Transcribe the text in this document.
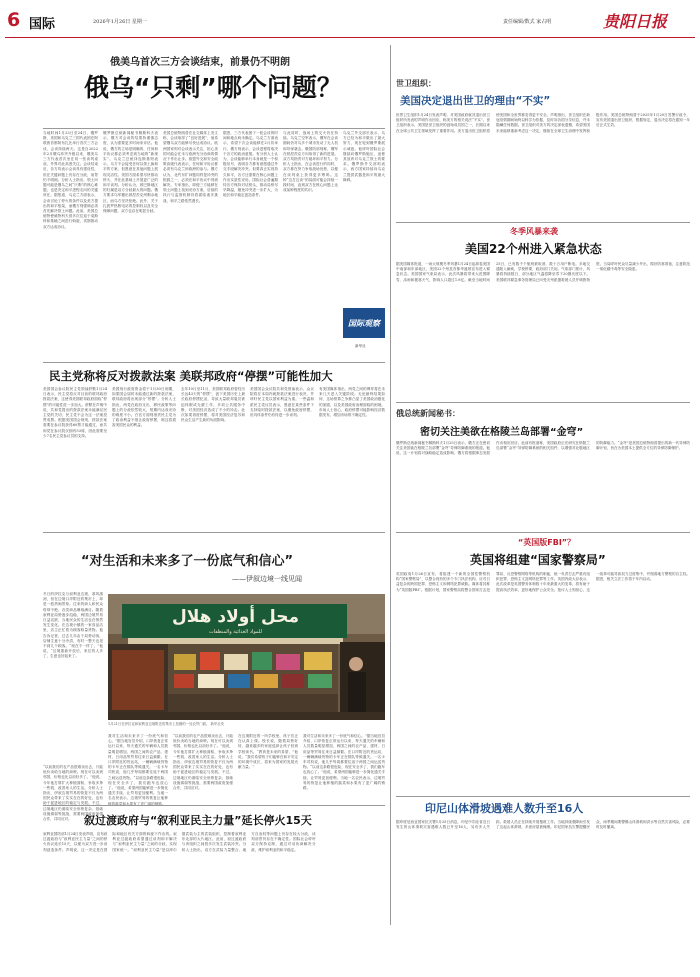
6 国际	2026年1月26日 星期一	责任编辑/数式 家占明	贵阳日报
俄美乌首次三方会谈结束，前景仍不明朗
俄乌“只剩”哪个问题？
当地时间1月23日至24日，俄罗斯、美国和乌克兰三国代表团在阿联酋首都阿布扎比举行首次三方会谈，会谈持续两天。这是自2022年2月俄乌冲突升级以来，俄美乌三方代表首次坐在同一张谈判桌前，外界对此高度关注。会谈结束后，各方均表示会谈具有建设性，但在关键问题上仍存在分歧，前景仍不明朗。分析人士指出，领土问题可能是俄乌之间“只剩”的核心难题，也是决定和平进程走向的关键所在。据报道，乌克兰方面表示，会谈讨论了停火的条件以及美方提出的和平框架，而俄方则强调必须首先解决领土问题。此前，美国总统特使威特科夫曾多次往返于莫斯科和基辅之间进行斡旋，试图推动双方达成协议。
俄罗斯总统新闻秘书佩斯科夫表示，俄方对会谈的结果持谨慎态度，认为需要更多时间来评估。他说，俄方的立场是明确的，任何和平协议都必须考虑到当地的“新现实”。乌克兰总统泽连斯基则表示，乌方不会接受任何以领土换和平的方案，但愿意在其他问题上展现灵活性。美国方面希望尽快推动停火，并在此基础上开展更广泛的和平谈判。分析认为，顿巴斯地区的归属是双方分歧最大的问题。俄方要求乌军撤出顿涅茨克州剩余地区，而乌方坚决拒绝。此外，关于扎波罗热核电站的控制权以及安全保障问题，双方也存在明显分歧。
美国总统特朗普在社交媒体上发文称，会谈取得了“良好进展”，他希望俄乌双方能够尽快达成协议。欧洲国家则对会谈表示关注，担心美国可能会在未与欧洲充分协商的情况下作出让步。欧盟外交和安全政策高级代表表示，任何和平协议都必须有乌克兰和欧洲的参与。俄方认为，北约东扩问题同样是冲突的根源之一，必须在和平协议中得到解决。专家指出，即便三方能够在领土问题上找到妥协方案，后续的执行与监督机制仍将面临诸多挑战，和平之路依然漫长。
据悉，三方代表团下一轮会谈的时间和地点尚未确定。乌克兰方面表示，希望下次会谈能够在2月初举行。俄方则表示，会谈进程将取决于各方的政治意愿。有分析人士认为，会谈能够举行本身就是一个积极信号，表明各方都有意愿通过外交手段解决冲突。但要真正实现持久和平，各方还需要在核心问题上作出实质性妥协。国际社会普遍期待各方保持对话势头，推动局势尽早降温，避免冲突进一步扩大，为地区和平稳定创造条件。
与此同时，战场上的交火仍在持续。乌克兰空军表示，俄军在会谈期间仍对乌多个城市发动了无人机和导弹袭击。俄国防部则称，俄军在顿涅茨克方向取得了新的进展。双方均指责对方破坏和平努力。分析人士指出，在会谈进行的同时，双方都在努力争取战场优势，以便在谈判桌上获得更多筹码。这种“边打边谈”的局面可能会持续一段时间，直到双方在核心问题上达成某种程度的共识。
乌克兰外交部长表示，乌方已经为和平做出了最大努力，现在轮到俄罗斯展示诚意。他呼吁国际社会继续向俄罗斯施压，迫使其放弃对乌克兰领土的要求。俄罗斯外交部则表示，西方国家持续向乌克兰提供武器是和平的最大障碍。
国际观察
新华社
世卫组织：
美国决定退出世卫的理由“不实”
世界卫生组织1月24日发表声明，对美国政府就其退出世卫组织所发表的声明作出回应，称美方的相关说法“不实”。世卫组织表示，美国是世卫组织的创始成员国之一，长期以来在全球公共卫生领域发挥了重要作用。美方退出世卫组织将使美国和全世界都变得更不安全。声明指出，世卫组织在新冠疫情期间始终以科学为依据，及时向各国分享信息，并未隐瞒任何数据。世卫组织对美方的决定深表遗憾，希望美国未来能够重新考虑这一决定，继续在全球卫生治理中发挥积极作用。美国总统特朗普于2025年1月20日签署行政令，宣布美国退出世卫组织，根据规定，退出决定将在通知一年后正式生效。
冬季风暴来袭
美国22个州进入紧急状态
据美国媒体报道，一场大规模冬季风暴1月24日起席卷美国中南部和东部地区，美国22个州及首都华盛顿宣布进入紧急状态。美国国家气象局表示，此次风暴将带来大范围降雪、冻雨和极寒天气，影响人口超过1.8亿。截至当地时间25日，已有数千个航班被取消，数十万用户断电。多地交通陷入瘫痪，学校停课，政府部门关闭。气象部门预计，风暴将持续数日，部分地区气温将降至零下20摄氏度以下。美国联邦紧急事务管理局已向受灾州派遣救援人员并调拨物资。当局呼吁民众尽量减少外出，做好防寒准备，注意防范一氧化碳中毒等安全隐患。
俄总统新闻秘书：
密切关注美欲在格陵兰岛部署“金穹”
俄罗斯总统新闻秘书佩斯科夫1月25日表示，俄方正在密切关注美国欲在格陵兰岛部署“金穹”导弹防御系统的报道。他说，这一计划将对战略稳定造成影响，俄方将根据事态发展作出相应回应。此前有报道称，美国政府正在研究在格陵兰岛部署“金穹”导弹防御系统的相关组件，以增强对北极地区的防御能力。“金穹”是美国总统特朗普提出的新一代导弹防御计划，旨在为美国本土提供全方位的导弹防御保护。
“英国版FBI”？
英国将组建“国家警察局”
英国政府1月26日宣布，将组建一个新的全国性警察机构“国家警察局”，以整合现有的多个专门执法机构，应对日益复杂的跨国犯罪、恐怖主义和网络犯罪威胁。媒体将其称为“英国版FBI”。根据计划，国家警察局将整合国家打击犯罪局、反恐警察网络等机构的职能，统一负责打击严重有组织犯罪、恐怖主义及网络犯罪等工作。英国内政大臣表示，此次改革是英国警务体制数十年来最重大的变革，将有助于提高执法效率，更好地保护公众安全。批评人士则担心，这一改革可能导致权力过度集中，并削弱地方警察的自主权。据悉，相关立法工作将于年内启动。
印尼山体滑坡遇难人数升至16人
据印度尼西亚国家抗灾署1月25日消息，印尼中爪哇省近日发生的山体滑坡灾害遇难人数已升至16人，另有多人失踪。救援人员正在持续开展搜救工作。当地持续强降雨引发了这起山体滑坡，多座房屋被掩埋。印尼国家抗灾署提醒民众，雨季期间要警惕山体滑坡和洪水等自然灾害风险，必要时及时撤离。
民主党称将反对拨款法案 美联邦政府“停摆”可能性加大
美国国会参议院民主党领袖舒默1月24日表示，民主党将反对目前的联邦政府拨款法案，这使得美国联邦政府面临“停摆”的可能性进一步加大。舒默在声明中说，共和党提出的拨款法案未能满足民主党的关切，民主党不会为这一法案投赞成票。根据美国国会规则，拨款法案需要在参议院获得60票才能通过，而共和党在参议院仅拥有53席，因此需要至少7名民主党参议员的支持。
美国现行政府资金将于1月30日到期，如果国会届时未能通过新的拨款法案，联邦政府将出现部分“停摆”。分析人士指出，两党在政府支出、移民政策等问题上的分歧依然较大，短期内达成妥协的难度不小。白宫方面则指责民主党为了政治利益不惜让政府停摆，称这将损害美国民众的利益。
去年10月至11月，美国联邦政府曾经历长达43天的“停摆”，创下美国历史上最长政府停摆纪录，导致大量联邦雇员被迫休假或无薪工作，多项公共服务中断，对美国经济造成了不小的冲击。此次如果再度停摆，将对美国经济复苏和民众生活产生新的负面影响。
美国国会众议院共和党领袖表示，众议院将在本周内就拨款法案进行表决，并呼吁民主党以国家利益为重。一些温和派民主党议员表示，愿意在某些条件下支持临时拨款法案，以避免政府停摆，但具体条件仍有待进一步谈判。
有美国媒体指出，两党之间的博弈将在未来几天进入关键阶段。无论最终结果如何，这场预算之争都凸显了美国政治极化的加剧，以及美国政府治理面临的困境。市场人士担心，政府停摆可能影响经济数据发布，增加市场的不确定性。
“对生活和未来多了一份底气和信心”
——伊叙边境一线见闻
冬日的伊拉克与叙利亚边境，寒风凛冽，但在边境口岸附近的集市上，却是一派热闹景象。往来的商人和民众络绎不绝，各类商品琳琅满目。随着叙利亚局势逐步趋稳，两国边境贸易日益活跃，当地民众的生活也在悄然发生变化。在边境小镇的一家食品店里，店主正忙着为顾客称量货物。他告诉记者，过去几年由于局势动荡，店铺生意十分冷清，有时一整天也见不到几个顾客。“现在不一样了，”他说，“边境重新开放后，来往的人多了，生意也好起来了。
我对生活和未来多了一份底气和信心。”据当地官员介绍，口岸恢复正常运行以来，每天通关的车辆和人员数量明显增加，两国之间的农产品、建材、日用品等贸易往来日益频繁。在口岸附近的货运站，一辆辆满载货物的卡车正在排队等候通关。一名卡车司机说，他几乎每周都要往返于两国之间运送货物。“以前这条路很危险，现在安全多了，我们跑车也放心了。”他说，希望两国能够进一步简化通关手续，让贸易更加便利。当地一名农民表示，边境贸易的恢复让他种植的蔬菜和水果有了更广阔的销路。
“以前我们的农产品很难卖出去，只能低价卖给当地的商贩。现在可以卖到邻国，价格也比以前好多了。”他说，今年他打算扩大种植面积，争取多挣一些钱，改善家人的生活。分析人士指出，伊叙边境贸易的恢复不仅为两国民众带来了实实在在的好处，也有助于促进地区的稳定与发展。不过，边境地区仍面临安全形势复杂、基础设施薄弱等挑战，需要两国政府加强合作，共同应对。
在边境附近的一所学校里，孩子们正在认真上课。校长说，随着局势好转，越来越多的家庭选择让孩子回到学校读书。“教育是未来的希望，”他说，“我们希望孩子们能够在和平安定的环境中成长，将来为国家的发展贡献力量。”
我对生活和未来多了一份底气和信心。”据当地官员介绍，口岸恢复正常运行以来，每天通关的车辆和人员数量明显增加，两国之间的农产品、建材、日用品等贸易往来日益频繁。在口岸附近的货运站，一辆辆满载货物的卡车正在排队等候通关。一名卡车司机说，他几乎每周都要往返于两国之间运送货物。“以前这条路很危险，现在安全多了，我们跑车也放心了。”他说，希望两国能够进一步简化通关手续，让贸易更加便利。当地一名农民表示，边境贸易的恢复让他种植的蔬菜和水果有了更广阔的销路。
“以前我们的农产品很难卖出去，只能低价卖给当地的商贩。现在可以卖到邻国，价格也比以前好多了。”他说，今年他打算扩大种植面积，争取多挣一些钱，改善家人的生活。分析人士指出，伊叙边境贸易的恢复不仅为两国民众带来了实实在在的好处，也有助于促进地区的稳定与发展。不过，边境地区仍面临安全形势复杂、基础设施薄弱等挑战，需要两国政府加强合作，共同应对。
محل أولاد هلال
للمواد الغذائية والمنظفات
1月21日在伊拉克和叙利亚边境附近的集市上拍摄的一处农贸门面。 新华社发
叙过渡政府与“叙利亚民主力量”延长停火15天
叙利亚国防部1月24日发表声明，宣布叙过渡政府与“叙利亚民主力量”之间的停火协议延长15天，以便为双方进一步谈判创造条件。声明说，这一决定是在国际和地区有关方面的斡旋下作出的。叙利亚过渡政府希望通过谈判和平解决与“叙利亚民主力量”之间的分歧，实现国家统一。“叙利亚民主力量”是以库尔德武装为主的武装组织，控制着叙利亚东北部的大片地区。此前，叙过渡政府与该组织之间曾多次发生武装冲突。分析人士指出，双方在武装力量整合、地方自治权等问题上仍存在较大分歧，谈判前景仍存在不确定性。国际社会呼吁双方保持克制，通过对话协商解决分歧，维护叙利亚的和平稳定。
